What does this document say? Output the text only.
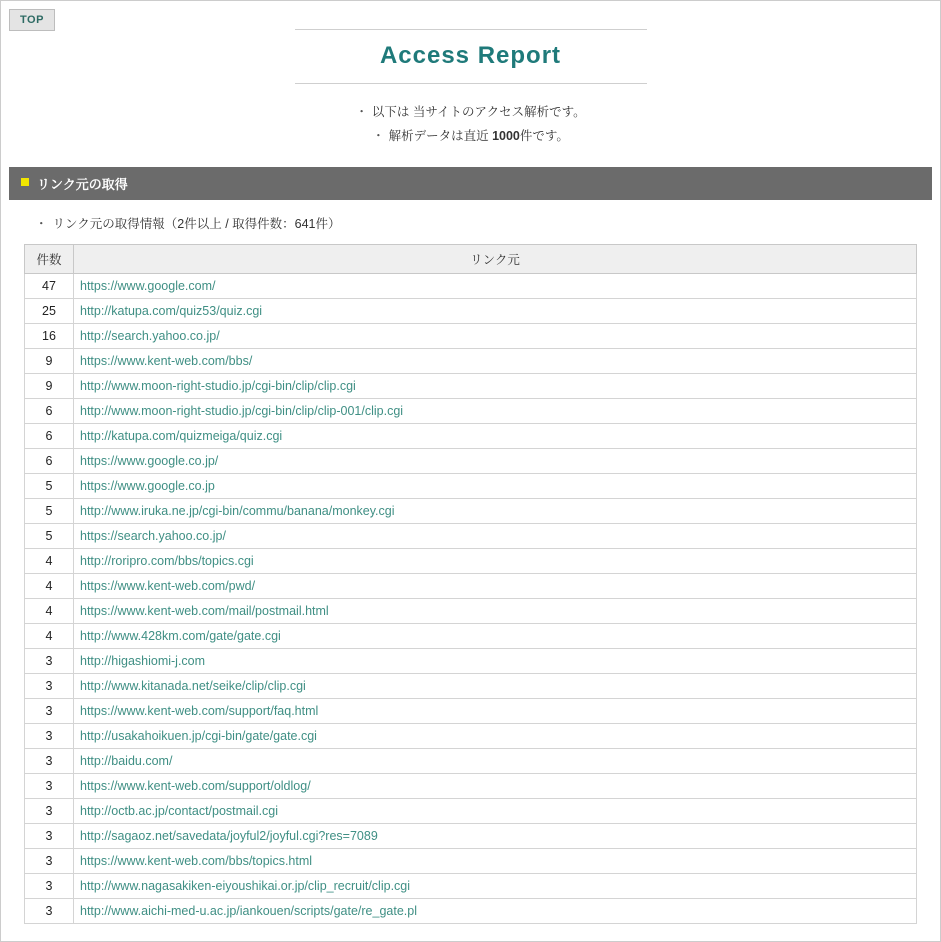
TOP
Access Report
・ 以下は 当サイトのアクセス解析です。
・ 解析データは直近 1000件です。
リンク元の取得
・ リンク元の取得情報（2件以上 / 取得件数：641件）
件数	リンク元
47	https://www.google.com/
25	http://katupa.com/quiz53/quiz.cgi
16	http://search.yahoo.co.jp/
9	https://www.kent-web.com/bbs/
9	http://www.moon-right-studio.jp/cgi-bin/clip/clip.cgi
6	http://www.moon-right-studio.jp/cgi-bin/clip/clip-001/clip.cgi
6	http://katupa.com/quizmeiga/quiz.cgi
6	https://www.google.co.jp/
5	https://www.google.co.jp
5	http://www.iruka.ne.jp/cgi-bin/commu/banana/monkey.cgi
5	https://search.yahoo.co.jp/
4	http://roripro.com/bbs/topics.cgi
4	https://www.kent-web.com/pwd/
4	https://www.kent-web.com/mail/postmail.html
4	http://www.428km.com/gate/gate.cgi
3	http://higashiomi-j.com
3	http://www.kitanada.net/seike/clip/clip.cgi
3	https://www.kent-web.com/support/faq.html
3	http://usakahoikuen.jp/cgi-bin/gate/gate.cgi
3	http://baidu.com/
3	https://www.kent-web.com/support/oldlog/
3	http://octb.ac.jp/contact/postmail.cgi
3	http://sagaoz.net/savedata/joyful2/joyful.cgi?res=7089
3	https://www.kent-web.com/bbs/topics.html
3	http://www.nagasakiken-eiyoushikai.or.jp/clip_recruit/clip.cgi
3	http://www.aichi-med-u.ac.jp/iankouen/scripts/gate/re_gate.pl
